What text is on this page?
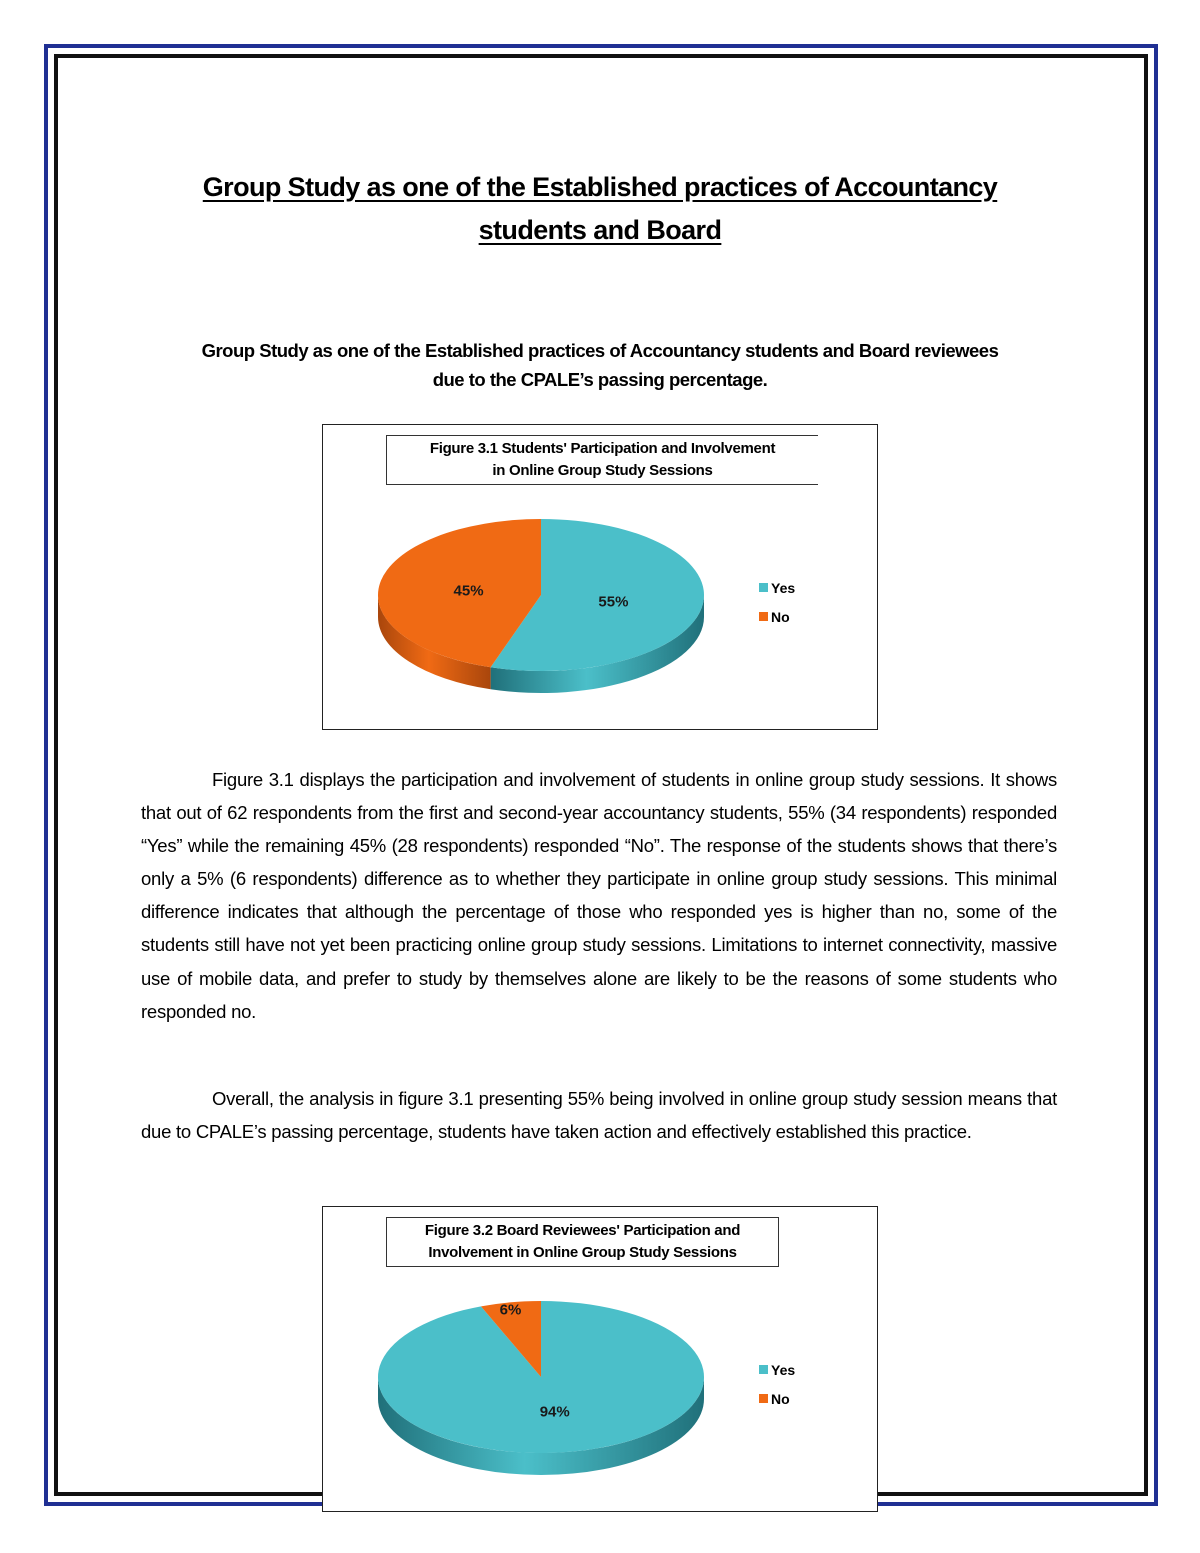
Group Study as one of the Established practices of Accountancy
students and Board
Group Study as one of the Established practices of Accountancy students and Board reviewees
due to the CPALE’s passing percentage.
Figure 3.1 Students' Participation and Involvement
in Online Group Study Sessions
55%
45%	Yes
No
Figure 3.1 displays the participation and involvement of students in online group study sessions. It shows that out of 62 respondents from the first and second-year accountancy students, 55% (34 respondents) responded “Yes” while the remaining 45% (28 respondents) responded “No”. The response of the students shows that there’s only a 5% (6 respondents) difference as to whether they participate in online group study sessions. This minimal difference indicates that although the percentage of those who responded yes is higher than no, some of the students still have not yet been practicing online group study sessions. Limitations to internet connectivity, massive use of mobile data, and prefer to study by themselves alone are likely to be the reasons of some students who responded no.
Overall, the analysis in figure 3.1 presenting 55% being involved in online group study session means that due to CPALE’s passing percentage, students have taken action and effectively established this practice.
Figure 3.2 Board Reviewees' Participation and
Involvement in Online Group Study Sessions
94%
6%
Yes
No
